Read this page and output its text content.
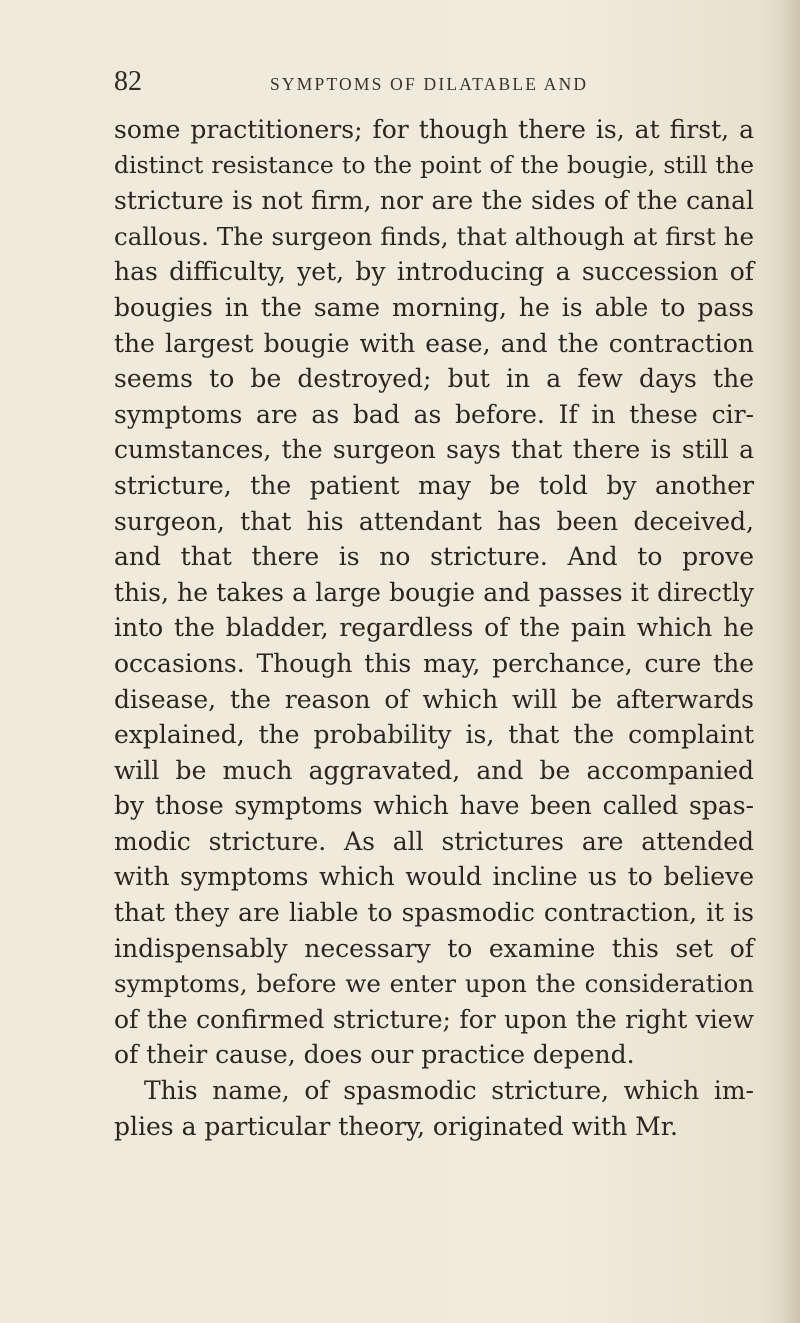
82	SYMPTOMS OF DILATABLE AND
some practitioners; for though there is, at first, a
distinct resistance to the point of the bougie, still the
stricture is not firm, nor are the sides of the canal
callous. The surgeon finds, that although at first he
has difficulty, yet, by introducing a succession of
bougies in the same morning, he is able to pass
the largest bougie with ease, and the contraction
seems to be destroyed; but in a few days the
symptoms are as bad as before. If in these cir-
cumstances, the surgeon says that there is still a
stricture, the patient may be told by another
surgeon, that his attendant has been deceived,
and that there is no stricture. And to prove
this, he takes a large bougie and passes it directly
into the bladder, regardless of the pain which he
occasions. Though this may, perchance, cure the
disease, the reason of which will be afterwards
explained, the probability is, that the complaint
will be much aggravated, and be accompanied
by those symptoms which have been called spas-
modic stricture. As all strictures are attended
with symptoms which would incline us to believe
that they are liable to spasmodic contraction, it is
indispensably necessary to examine this set of
symptoms, before we enter upon the consideration
of the confirmed stricture; for upon the right view
of their cause, does our practice depend.
This name, of spasmodic stricture, which im-
plies a particular theory, originated with Mr.
